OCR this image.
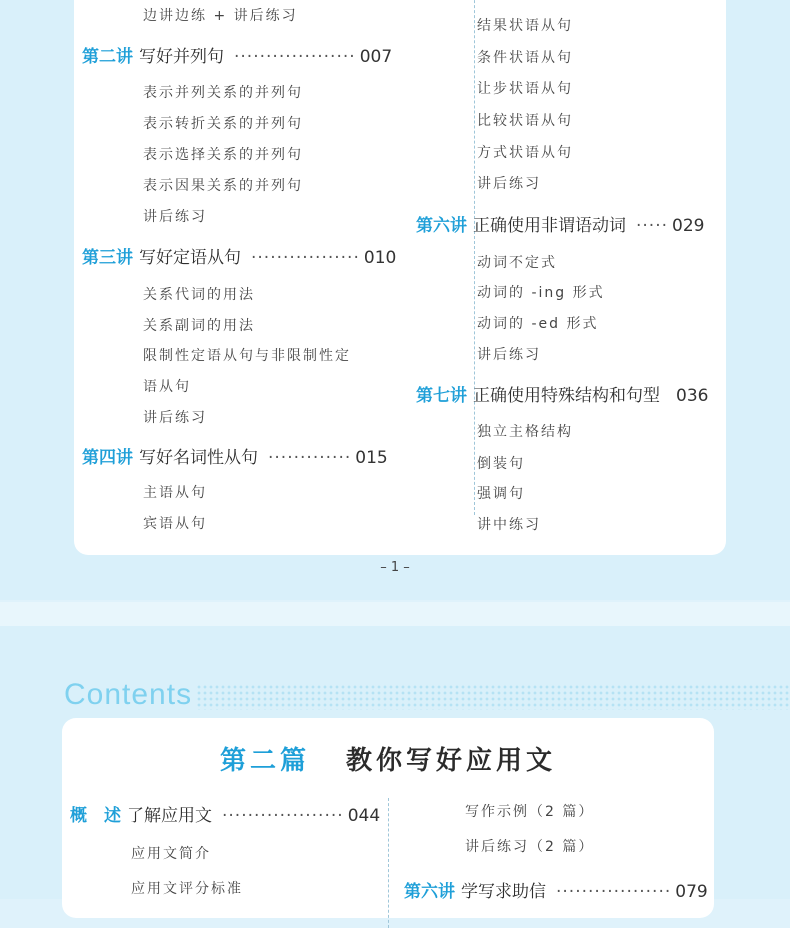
边讲边练 + 讲后练习
第二讲 写好并列句 ··················· 007
表示并列关系的并列句
表示转折关系的并列句
表示选择关系的并列句
表示因果关系的并列句
讲后练习
第三讲 写好定语从句 ················· 010
关系代词的用法
关系副词的用法
限制性定语从句与非限制性定
语从句
讲后练习
第四讲 写好名词性从句 ············· 015
主语从句
宾语从句
结果状语从句
条件状语从句
让步状语从句
比较状语从句
方式状语从句
讲后练习
第六讲 正确使用非谓语动词 ····· 029
动词不定式
动词的 -ing 形式
动词的 -ed 形式
讲后练习
第七讲 正确使用特殊结构和句型 036
独立主格结构
倒装句
强调句
讲中练习
– 1 –
Contents
第二篇 教你写好应用文
概　述 了解应用文 ··················· 044
应用文简介
应用文评分标准
写作示例（2 篇）
讲后练习（2 篇）
第六讲 学写求助信 ·················· 079
